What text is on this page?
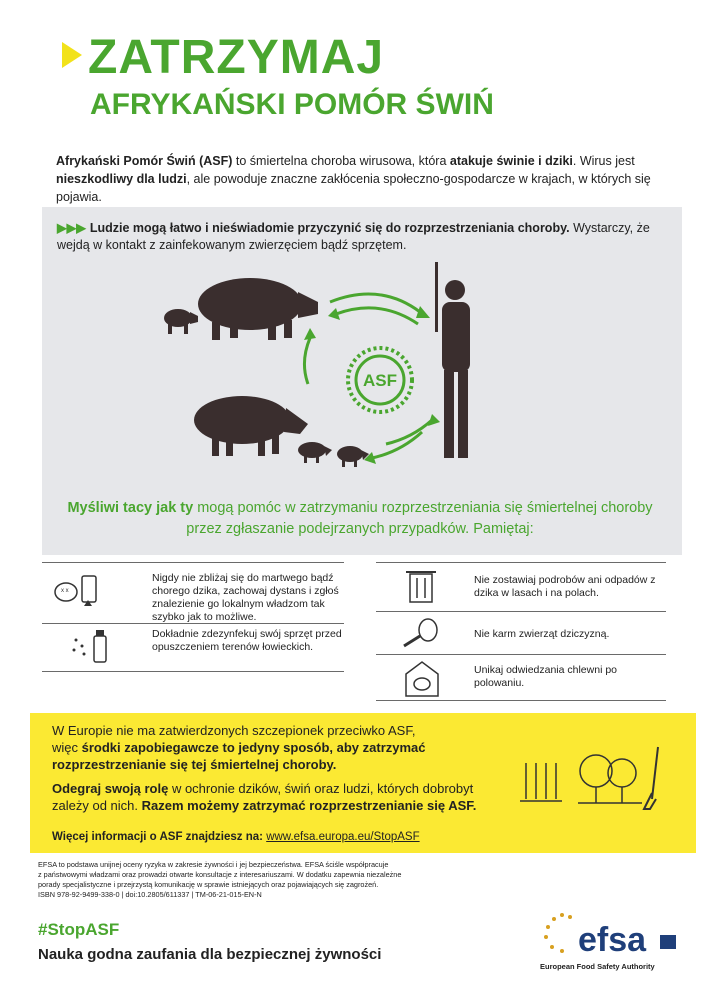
ZATRZYMAJ
AFRYKAŃSKI POMÓR ŚWIŃ
Afrykański Pomór Świń (ASF) to śmiertelna choroba wirusowa, która atakuje świnie i dziki. Wirus jest nieszkodliwy dla ludzi, ale powoduje znaczne zakłócenia społeczno-gospodarcze w krajach, w których się pojawia.
▶▶▶ Ludzie mogą łatwo i nieświadomie przyczynić się do rozprzestrzeniania choroby. Wystarczy, że wejdą w kontakt z zainfekowanym zwierzęciem bądź sprzętem.
ASF
Myśliwi tacy jak ty mogą pomóc w zatrzymaniu rozprzestrzeniania się śmiertelnej choroby przez zgłaszanie podejrzanych przypadków. Pamiętaj:
x x
Nigdy nie zbliżaj się do martwego bądź chorego dzika, zachowaj dystans i zgłoś znalezienie go lokalnym władzom tak szybko jak to możliwe.
Dokładnie zdezynfekuj swój sprzęt przed opuszczeniem terenów łowieckich.
Nie zostawiaj podrobów ani odpadów z dzika w lasach i na polach.
Nie karm zwierząt dziczyzną.
Unikaj odwiedzania chlewni po polowaniu.
W Europie nie ma zatwierdzonych szczepionek przeciwko ASF,
więc środki zapobiegawcze to jedyny sposób, aby zatrzymać
rozprzestrzenianie się tej śmiertelnej choroby.
Odegraj swoją rolę w ochronie dzików, świń oraz ludzi, których dobrobyt
zależy od nich. Razem możemy zatrzymać rozprzestrzenianie się ASF.
Więcej informacji o ASF znajdziesz na: www.efsa.europa.eu/StopASF
EFSA to podstawa unijnej oceny ryzyka w zakresie żywności i jej bezpieczeństwa. EFSA ściśle współpracuje
z państwowymi władzami oraz prowadzi otwarte konsultacje z interesariuszami. W dodatku zapewnia niezależne
porady specjalistyczne i przejrzystą komunikację w sprawie istniejących oraz pojawiających się zagrożeń.
ISBN 978-92-9499-338-0 | doi:10.2805/611337 | TM-06-21-015-EN-N
#StopASF
Nauka godna zaufania dla bezpiecznej żywności	efsa
European Food Safety Authority
